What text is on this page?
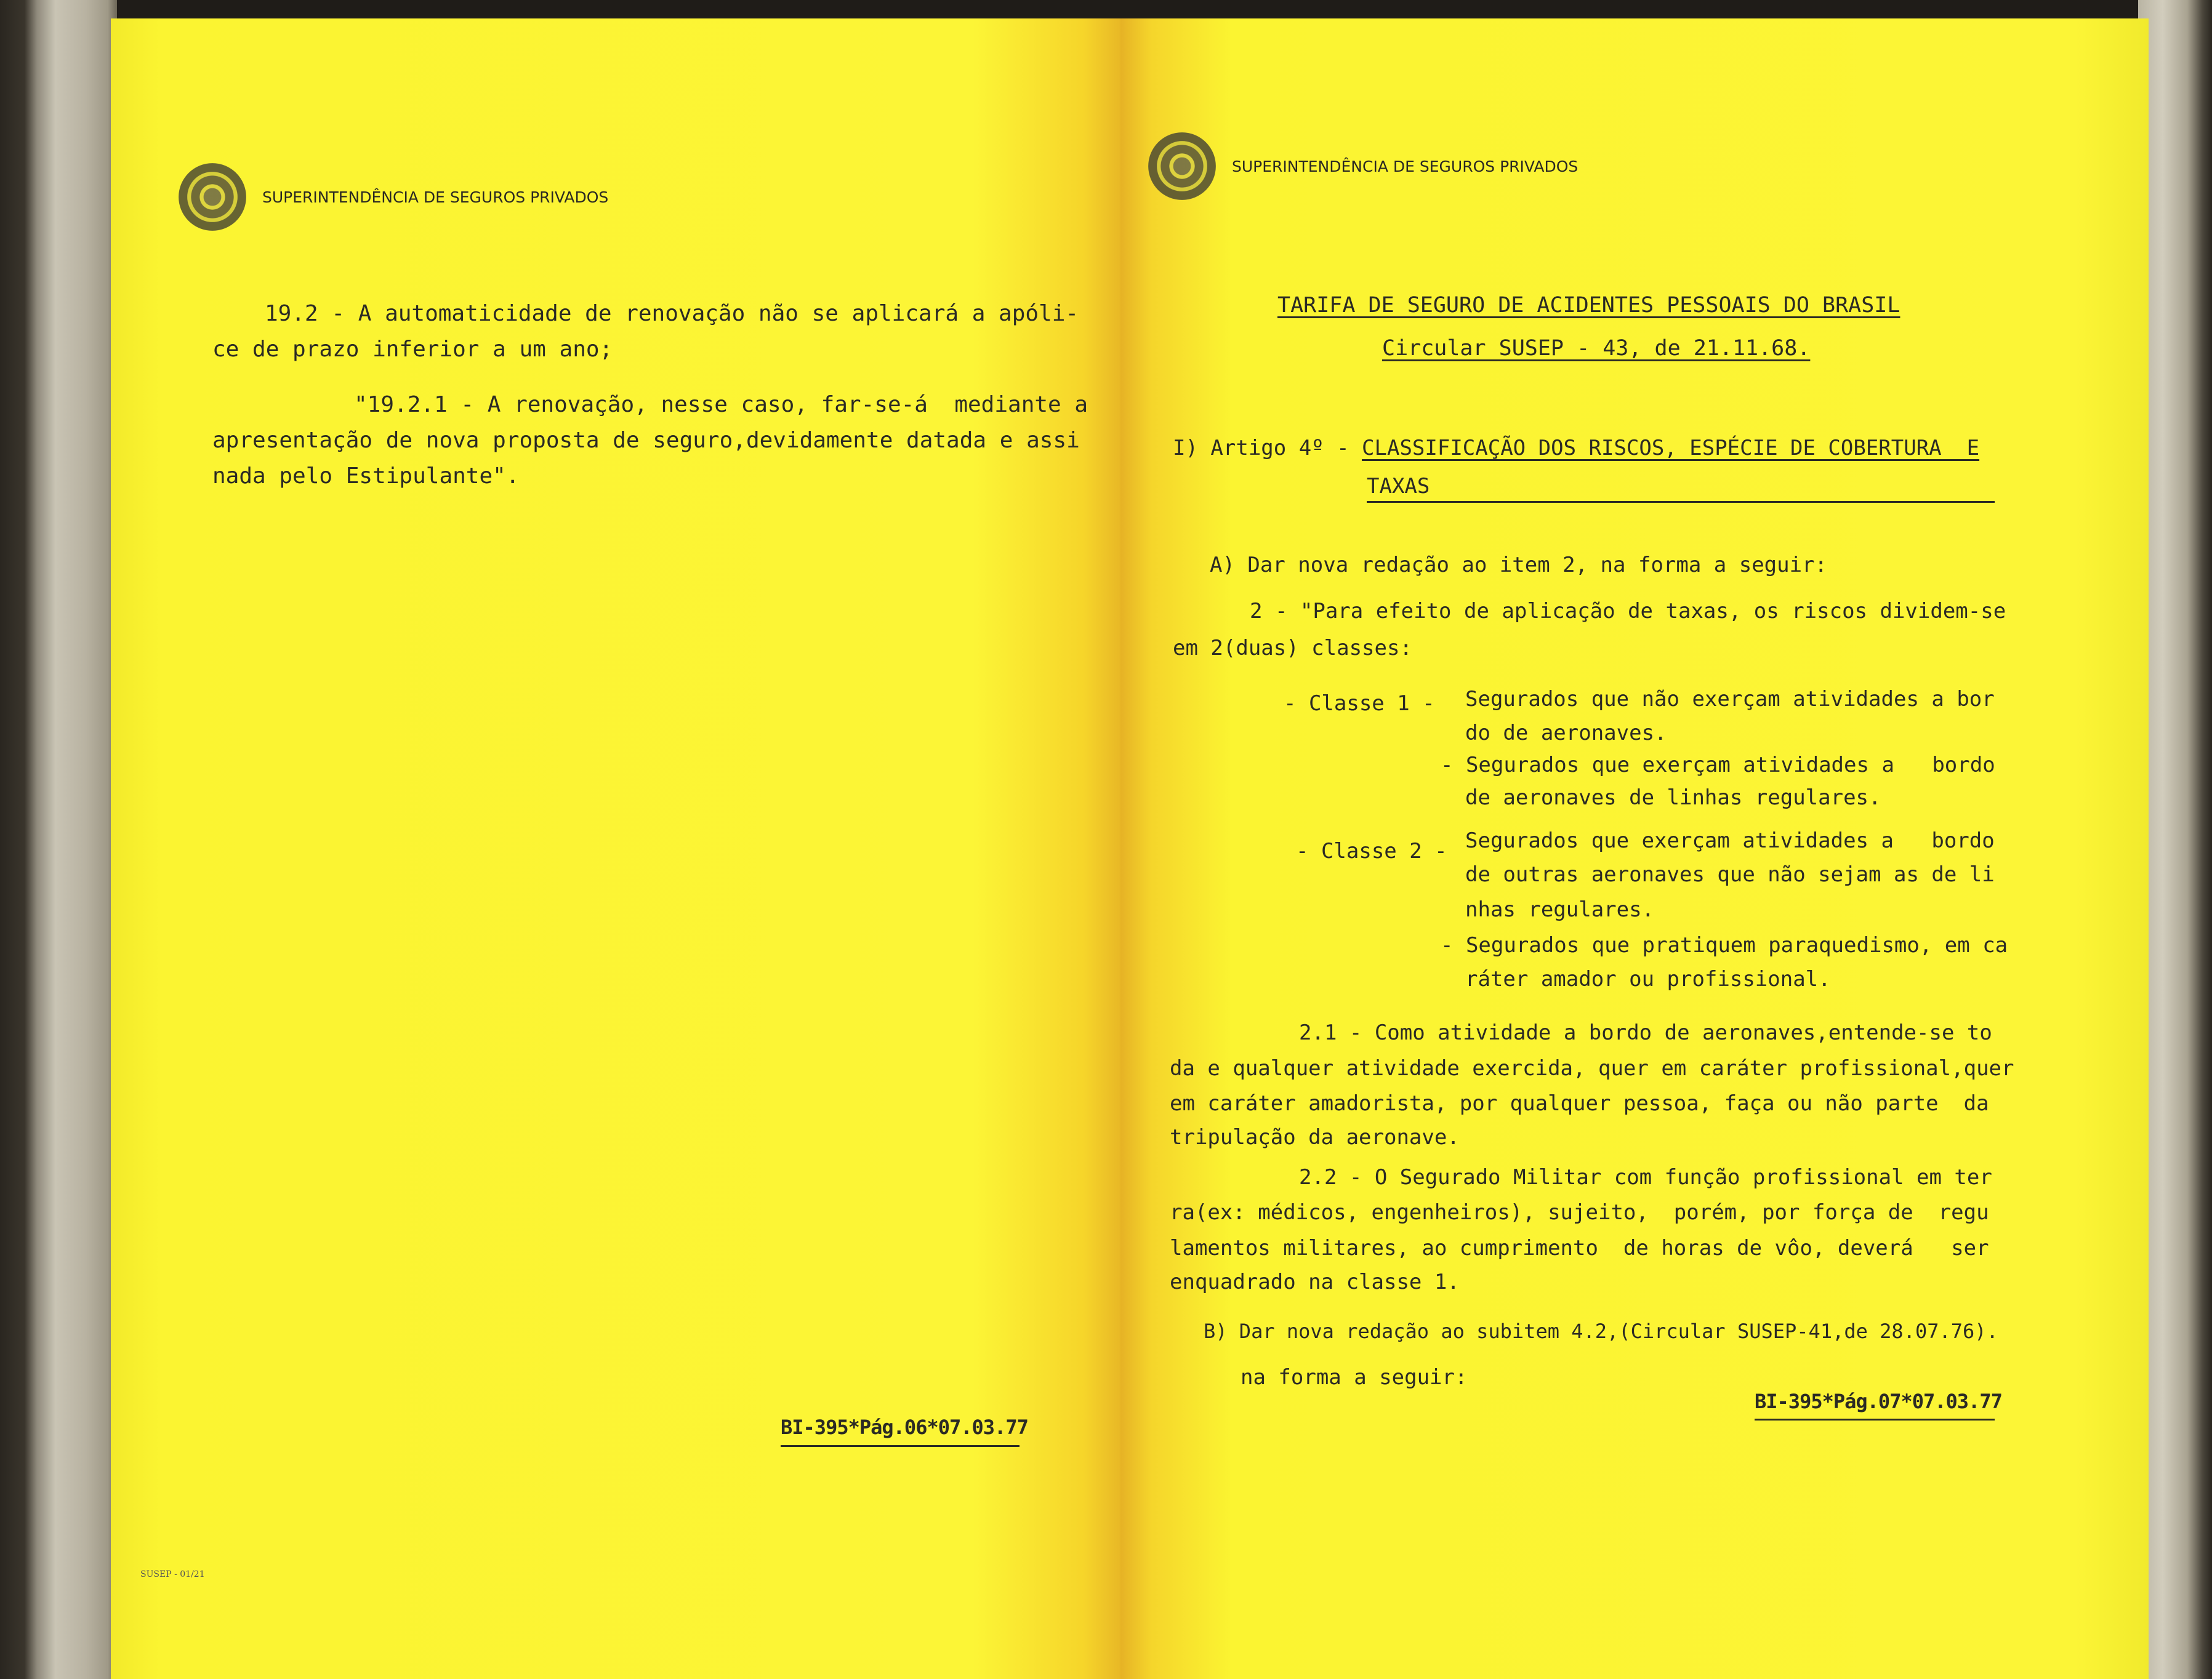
SUPERINTENDÊNCIA DE SEGUROS PRIVADOS
19.2 - A automaticidade de renovação não se aplicará a apóli-
ce de prazo inferior a um ano;
"19.2.1 - A renovação, nesse caso, far-se-á  mediante a
apresentação de nova proposta de seguro,devidamente datada e assi
nada pelo Estipulante".
BI-395*Pág.06*07.03.77
SUSEP - 01/21
SUPERINTENDÊNCIA DE SEGUROS PRIVADOS
TARIFA DE SEGURO DE ACIDENTES PESSOAIS DO BRASIL
Circular SUSEP - 43, de 21.11.68.
I) Artigo 4º - CLASSIFICAÇÃO DOS RISCOS, ESPÉCIE DE COBERTURA  E
TAXAS
A) Dar nova redação ao item 2, na forma a seguir:
2 - "Para efeito de aplicação de taxas, os riscos dividem-se
em 2(duas) classes:
- Classe 1 - Segurados que não exerçam atividades a bor
do de aeronaves.
- Segurados que exerçam atividades a   bordo
de aeronaves de linhas regulares.
- Classe 2 - Segurados que exerçam atividades a   bordo
de outras aeronaves que não sejam as de li
nhas regulares.
- Segurados que pratiquem paraquedismo, em ca
ráter amador ou profissional.
2.1 - Como atividade a bordo de aeronaves,entende-se to
da e qualquer atividade exercida, quer em caráter profissional,quer
em caráter amadorista, por qualquer pessoa, faça ou não parte  da
tripulação da aeronave.
2.2 - O Segurado Militar com função profissional em ter
ra(ex: médicos, engenheiros), sujeito,  porém, por força de  regu
lamentos militares, ao cumprimento  de horas de vôo, deverá   ser
enquadrado na classe 1.
B) Dar nova redação ao subitem 4.2,(Circular SUSEP-41,de 28.07.76).
na forma a seguir:
BI-395*Pág.07*07.03.77
